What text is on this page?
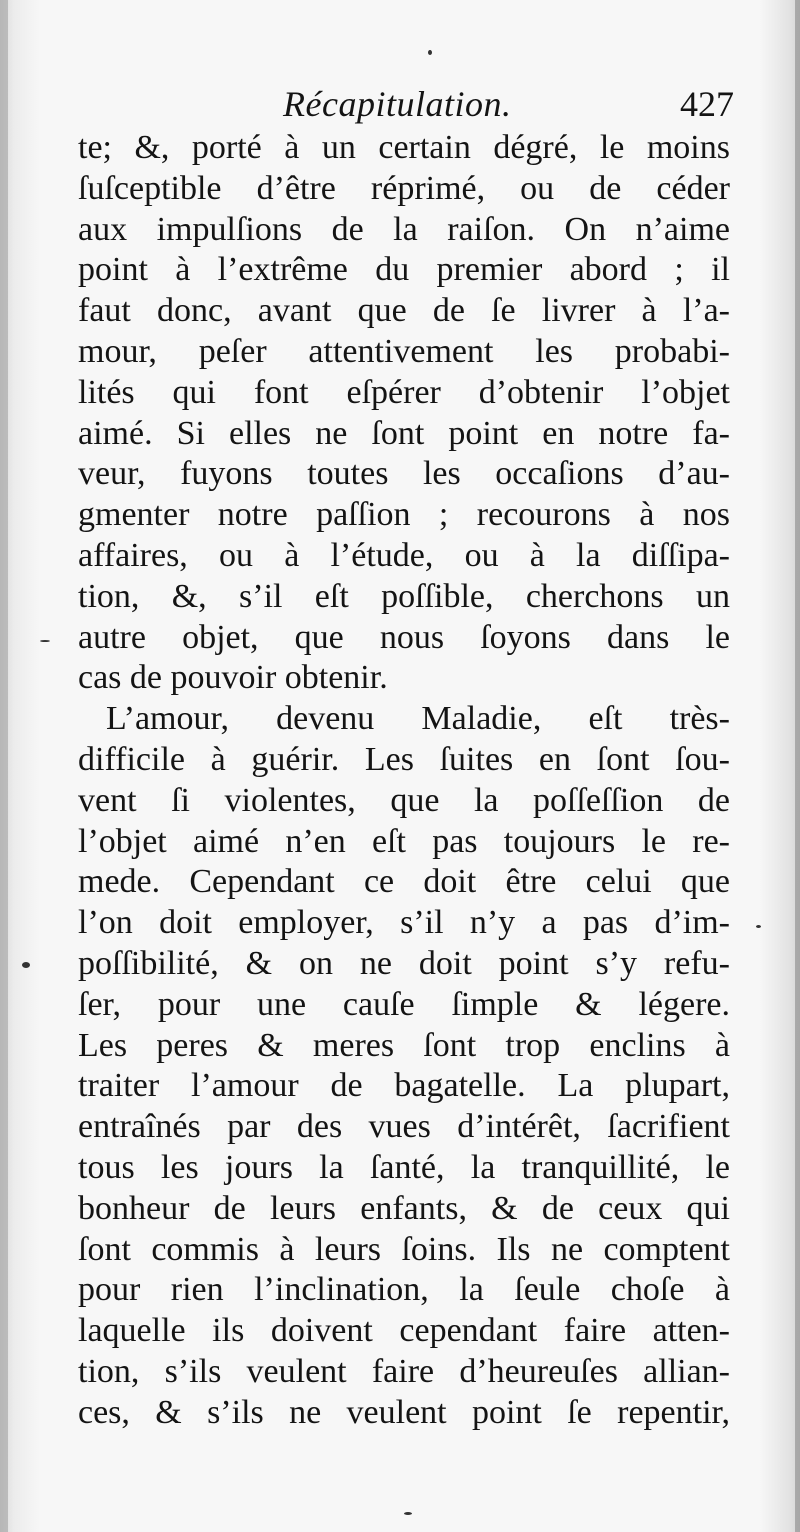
Récapitulation.	427
te; &, porté à un certain dégré, le moins
ſuſceptible d’être réprimé, ou de céder
aux impulſions de la raiſon. On n’aime
point à l’extrême du premier abord ; il
faut donc, avant que de ſe livrer à l’a-
mour, peſer attentivement les probabi-
lités qui font eſpérer d’obtenir l’objet
aimé. Si elles ne ſont point en notre fa-
veur, fuyons toutes les occaſions d’au-
gmenter notre paſſion ; recourons à nos
affaires, ou à l’étude, ou à la diſſipa-
tion, &, s’il eſt poſſible, cherchons un
autre objet, que nous ſoyons dans le
cas de pouvoir obtenir.
L’amour, devenu Maladie, eſt très-
difficile à guérir. Les ſuites en ſont ſou-
vent ſi violentes, que la poſſeſſion de
l’objet aimé n’en eſt pas toujours le re-
mede. Cependant ce doit être celui que
l’on doit employer, s’il n’y a pas d’im-
poſſibilité, & on ne doit point s’y refu-
ſer, pour une cauſe ſimple & légere.
Les peres & meres ſont trop enclins à
traiter l’amour de bagatelle. La plupart,
entraînés par des vues d’intérêt, ſacrifient
tous les jours la ſanté, la tranquillité, le
bonheur de leurs enfants, & de ceux qui
ſont commis à leurs ſoins. Ils ne comptent
pour rien l’inclination, la ſeule choſe à
laquelle ils doivent cependant faire atten-
tion, s’ils veulent faire d’heureuſes allian-
ces, & s’ils ne veulent point ſe repentir,
